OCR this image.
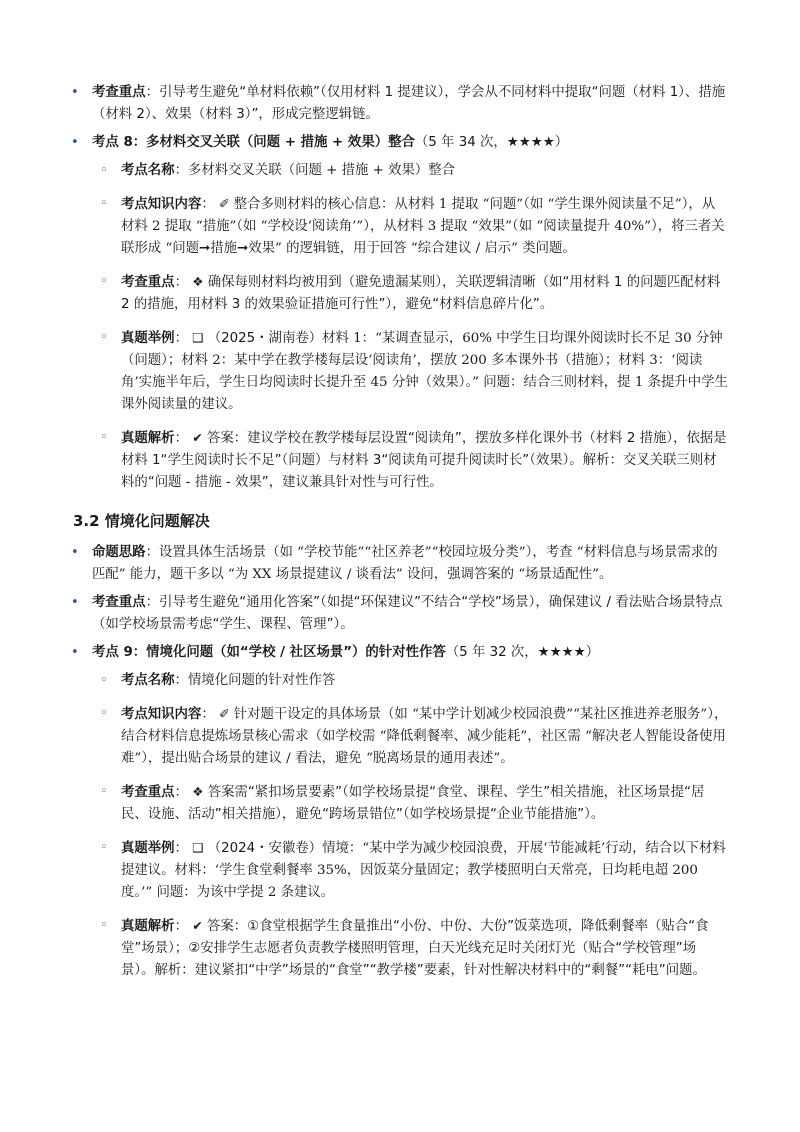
• 考查重点：引导考生避免“单材料依赖”（仅用材料 1 提建议），学会从不同材料中提取“问题（材料 1）、措施（材料 2）、效果（材料 3）”，形成完整逻辑链。
• 考点 8：多材料交叉关联（问题 + 措施 + 效果）整合（5 年 34 次，★★★★）
◦ 考点名称：多材料交叉关联（问题 + 措施 + 效果）整合
◦ 考点知识内容： ✐ 整合多则材料的核心信息：从材料 1 提取 “问题”（如 “学生课外阅读量不足”），从材料 2 提取 “措施”（如 “学校设‘阅读角’”），从材料 3 提取 “效果”（如 “阅读量提升 40%”），将三者关联形成 “问题➞措施➞效果” 的逻辑链，用于回答 “综合建议 / 启示” 类问题。
◦ 考查重点： ❖ 确保每则材料均被用到（避免遗漏某则），关联逻辑清晰（如“用材料 1 的问题匹配材料 2 的措施，用材料 3 的效果验证措施可行性”），避免“材料信息碎片化”。
◦ 真题举例： ❑ （2025・湖南卷）材料 1：“某调查显示，60% 中学生日均课外阅读时长不足 30 分钟（问题）；材料 2：某中学在教学楼每层设‘阅读角’，摆放 200 多本课外书（措施）；材料 3：‘阅读角’实施半年后，学生日均阅读时长提升至 45 分钟（效果）。” 问题：结合三则材料，提 1 条提升中学生课外阅读量的建议。
◦ 真题解析： ✔ 答案：建议学校在教学楼每层设置“阅读角”，摆放多样化课外书（材料 2 措施），依据是材料 1“学生阅读时长不足”（问题）与材料 3“阅读角可提升阅读时长”（效果）。解析：交叉关联三则材料的“问题 - 措施 - 效果”，建议兼具针对性与可行性。
3.2 情境化问题解决
• 命题思路：设置具体生活场景（如 “学校节能”“社区养老”“校园垃圾分类”），考查 “材料信息与场景需求的匹配” 能力，题干多以 “为 XX 场景提建议 / 谈看法” 设问，强调答案的 “场景适配性”。
• 考查重点：引导考生避免“通用化答案”（如提“环保建议”不结合“学校”场景），确保建议 / 看法贴合场景特点（如学校场景需考虑“学生、课程、管理”）。
• 考点 9：情境化问题（如“学校 / 社区场景”）的针对性作答（5 年 32 次，★★★★）
◦ 考点名称：情境化问题的针对性作答
◦ 考点知识内容： ✐ 针对题干设定的具体场景（如 “某中学计划减少校园浪费”“某社区推进养老服务”），结合材料信息提炼场景核心需求（如学校需 “降低剩餐率、减少能耗”，社区需 “解决老人智能设备使用难”），提出贴合场景的建议 / 看法，避免 “脱离场景的通用表述”。
◦ 考查重点： ❖ 答案需“紧扣场景要素”（如学校场景提“食堂、课程、学生”相关措施，社区场景提“居民、设施、活动”相关措施），避免“跨场景错位”（如学校场景提“企业节能措施”）。
◦ 真题举例： ❑ （2024・安徽卷）情境：“某中学为减少校园浪费，开展‘节能减耗’行动，结合以下材料提建议。材料：‘学生食堂剩餐率 35%，因饭菜分量固定；教学楼照明白天常亮，日均耗电超 200 度。’” 问题：为该中学提 2 条建议。
◦ 真题解析： ✔ 答案：①食堂根据学生食量推出“小份、中份、大份”饭菜选项，降低剩餐率（贴合“食堂”场景）；②安排学生志愿者负责教学楼照明管理，白天光线充足时关闭灯光（贴合“学校管理”场景）。解析：建议紧扣“中学”场景的“食堂”“教学楼”要素，针对性解决材料中的“剩餐”“耗电”问题。
